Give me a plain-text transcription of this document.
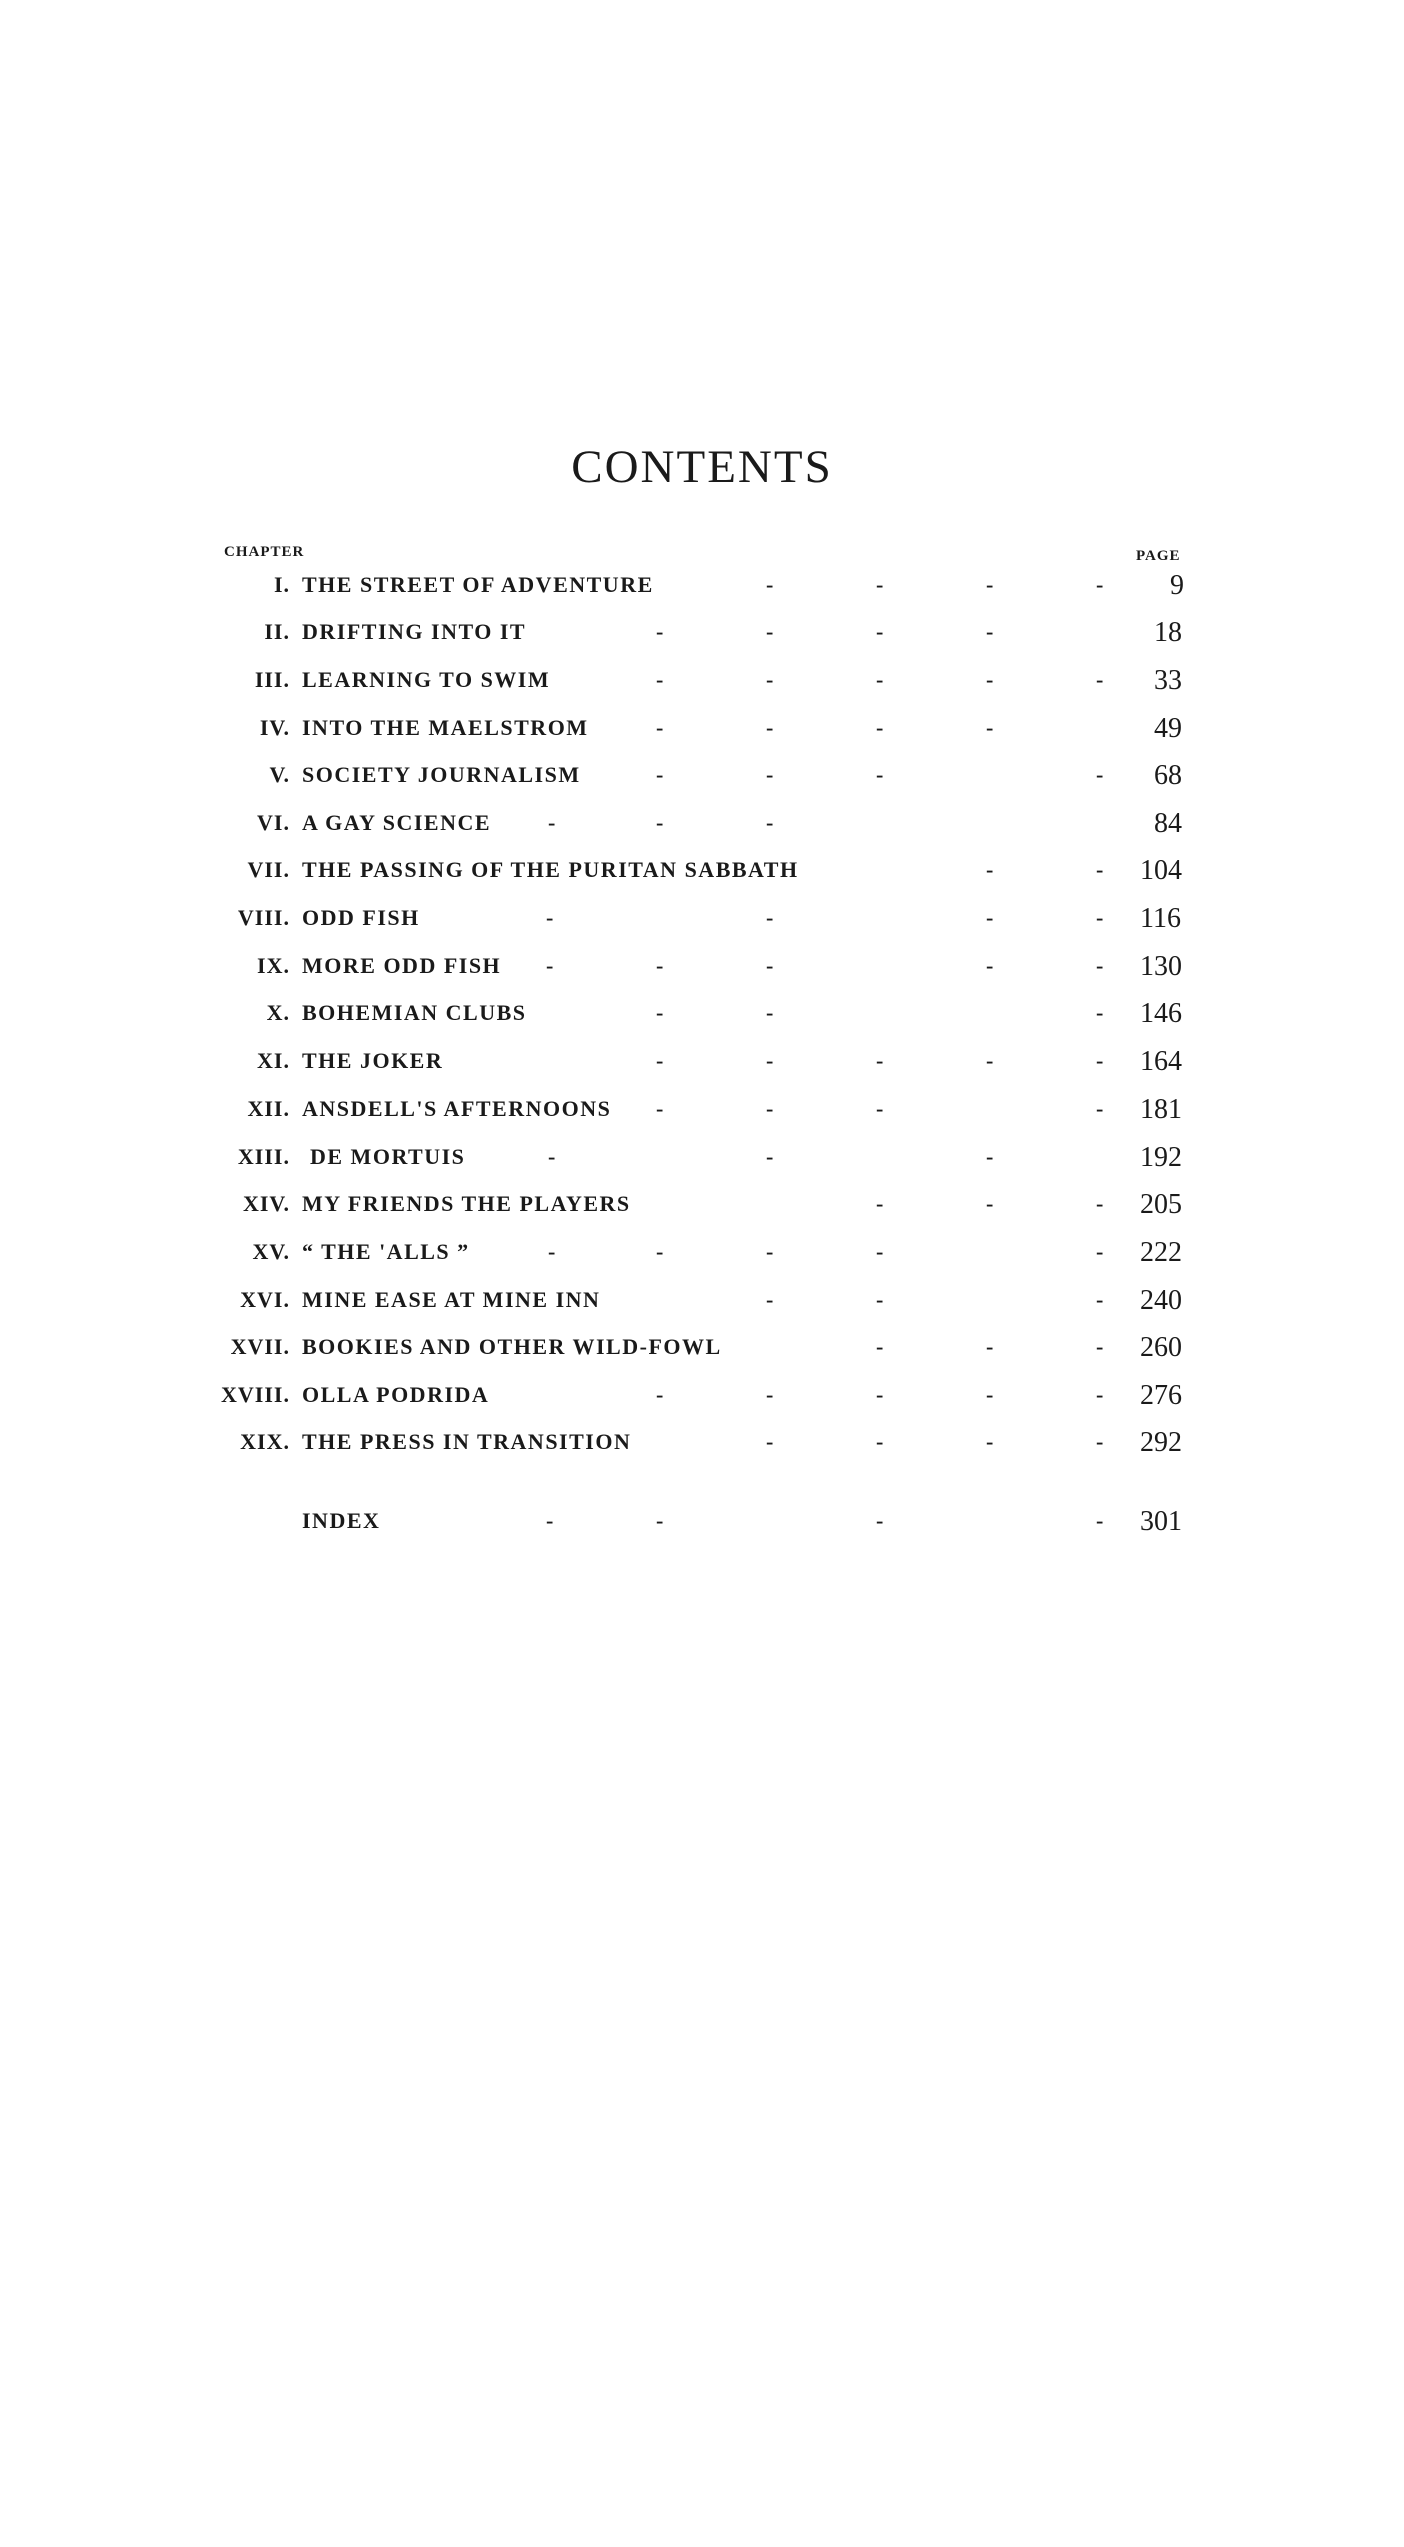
CONTENTS
CHAPTER	PAGE
I. THE STREET OF ADVENTURE	-	-	-	- 9
II. DRIFTING INTO IT	-	-	-	-	18
III. LEARNING TO SWIM	-	-	-	-	- 33
IV. INTO THE MAELSTROM	-	-	-	-	49
V. SOCIETY JOURNALISM	-	-	-	- 68
VI. A GAY SCIENCE	-	-	-	84
VII. THE PASSING OF THE PURITAN SABBATH	-	- 104
VIII. ODD FISH	-	-	-	- 116
IX. MORE ODD FISH -	-	-	-	- 130
X. BOHEMIAN CLUBS	-	-	- 146
XI. THE JOKER	-	-	-	-	- 164
XII. ANSDELL'S AFTERNOONS -	-	-	- 181
XIII. DE MORTUIS	-	-	-	192
XIV. MY FRIENDS THE PLAYERS	-	-	- 205
XV. “ THE 'ALLS ”	-	-	-	-	- 222
XVI. MINE EASE AT MINE INN	-	-	- 240
XVII. BOOKIES AND OTHER WILD-FOWL	-	-	- 260
XVIII. OLLA PODRIDA	-	-	-	-	- 276
XIX. THE PRESS IN TRANSITION	-	-	-	- 292
INDEX	-	-	-	- 301
